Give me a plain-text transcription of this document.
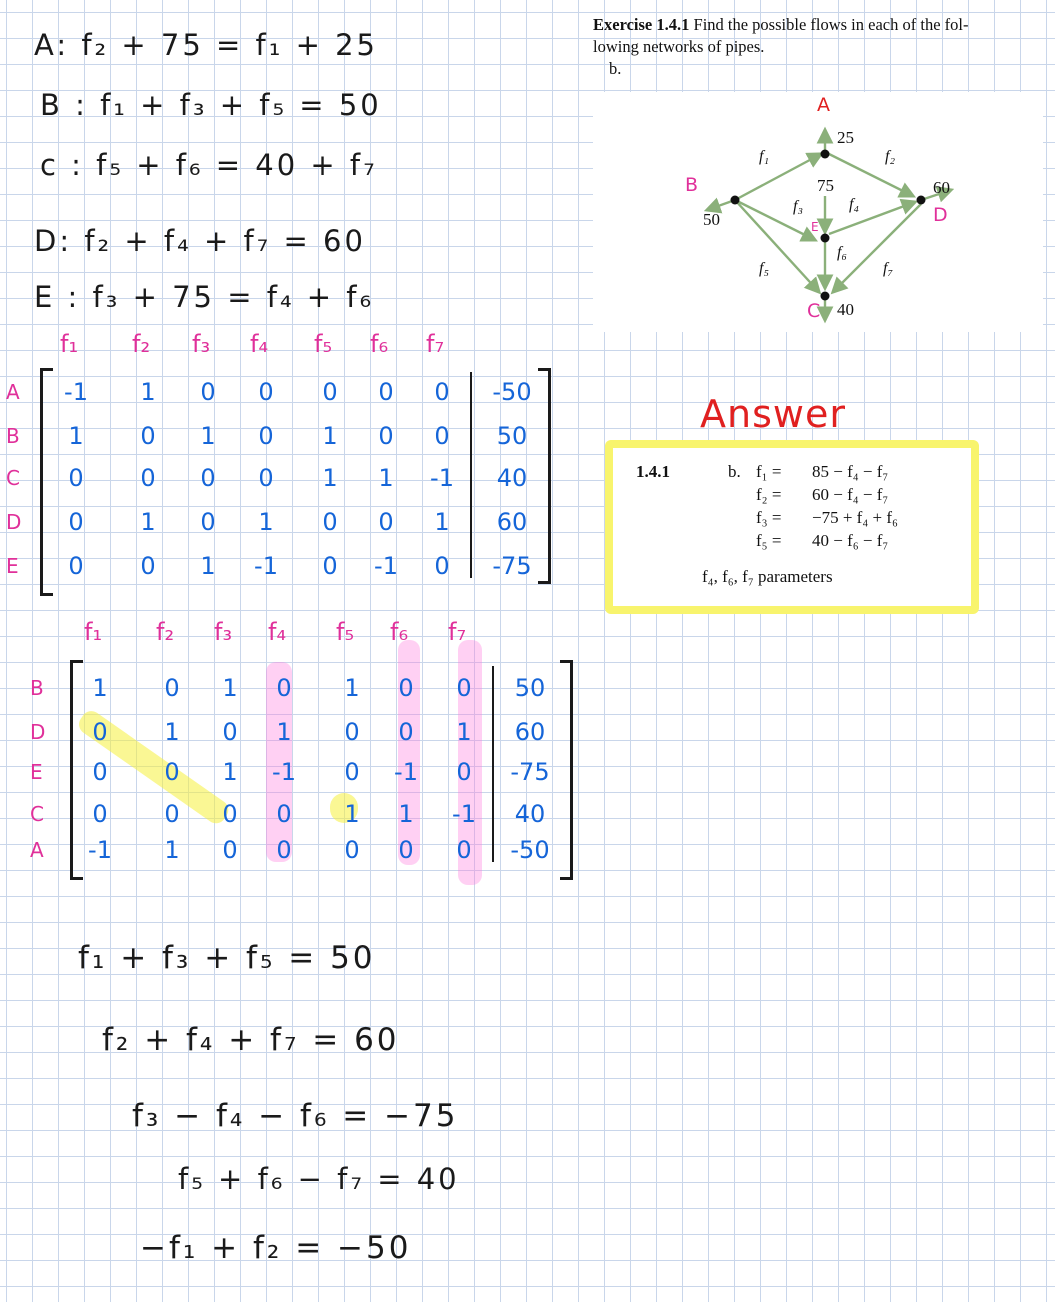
A: f₂ + 75 = f₁ + 25
B : f₁ + f₃ + f₅ = 50
c : f₅ + f₆ = 40 + f₇
D: f₂ + f₄ + f₇ = 60
E : f₃ + 75 = f₄ + f₆
f₁ f₂ f₃ f₄ f₅ f₆ f₇
A
B
C
D
E
-1	1	0	0	0	0	0	-50
1	0	1	0	1	0	0	50
0	0	0	0	1	1	-1	40
0	1	0	1	0	0	1	60
0	0	1	-1	0	-1	0	-75
f₁ f₂ f₃ f₄ f₅ f₆ f₇
B
D
E
C
A
1	0	1	0	1	0	0	50
0	1	0	1	0	0	1	60
0	0	1	-1	0	-1	0	-75
0	0	0	0	1	1	-1	40
-1	1	0	0	0	0	0	-50
Exercise 1.4.1 Find the possible flows in each of the fol-
lowing networks of pipes.
b.
A
B
C
D
E
25
75
50
60
40
f₁	f₂
f₃	f₄
f₅
f₆
f₇
Answer
1.4.1	b. f₁ = 85 − f₄ − f₇
f₂ = 60 − f₄ − f₇
f₃ = −75 + f₄ + f₆
f₅ = 40 − f₆ − f₇
f₄, f₆, f₇ parameters
f₁ + f₃ + f₅ = 50
f₂ + f₄ + f₇ = 60
f₃ − f₄ − f₆ = −75
f₅ + f₆ − f₇ = 40
−f₁ + f₂ = −50
